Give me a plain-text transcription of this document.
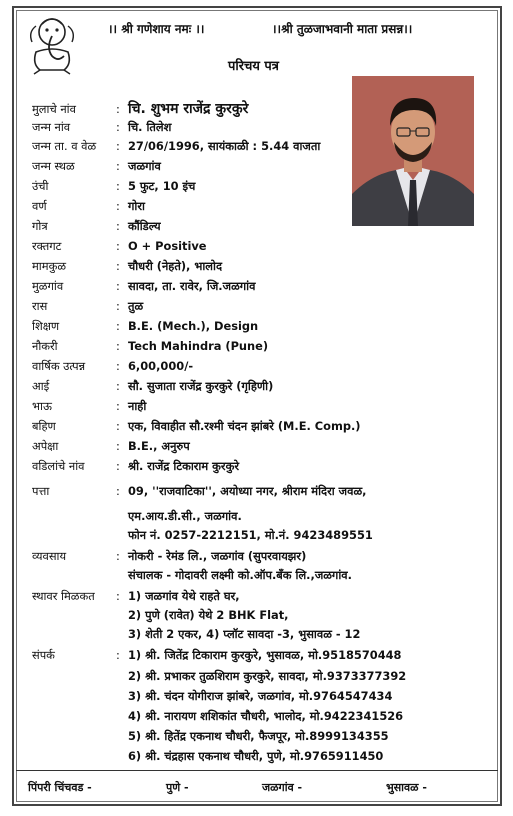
।। श्री गणेशाय नमः ।।	।।श्री तुळजाभवानी माता प्रसन्न।।
परिचय पत्र
मुलाचे नांव	: चि. शुभम राजेंद्र कुरकुरे
जन्म नांव	: चि. तिलेश
जन्म ता. व वेळ : 27/06/1996, सायंकाळी : 5.44 वाजता
जन्म स्थळ	: जळगांव
उंची	: 5 फुट, 10 इंच
वर्ण	: गोरा
गोत्र	: कौंडिल्य
रक्तगट	: O + Positive
मामकुळ	: चौधरी (नेहते), भालोद
मुळगांव	: सावदा, ता. रावेर, जि.जळगांव
रास	: तुळ
शिक्षण	: B.E. (Mech.), Design
नौकरी	: Tech Mahindra (Pune)
वार्षिक उत्पन्न	: 6,00,000/-
आई	: सौ. सुजाता राजेंद्र कुरकुरे (गृहिणी)
भाऊ	: नाही
बहिण	: एक, विवाहीत सौ.रश्मी चंदन झांबरे (M.E. Comp.)
अपेक्षा	: B.E., अनुरुप
वडिलांचे नांव	: श्री. राजेंद्र टिकाराम कुरकुरे
पत्ता	: 09, ''राजवाटिका'', अयोध्या नगर, श्रीराम मंदिरा जवळ,
एम.आय.डी.सी., जळगांव.
फोन नं. 0257-2212151, मो.नं. 9423489551
व्यवसाय	: नोकरी - रेमंड लि., जळगांव (सुपरवायझर)
संचालक - गोदावरी लक्ष्मी को.ऑप.बँक लि.,जळगांव.
स्थावर मिळकत : 1) जळगांव येथे राहते घर,
2) पुणे (रावेत) येथे 2 BHK Flat,
3) शेती 2 एकर, 4) प्लॉट सावदा -3, भुसावळ - 12
संपर्क	: 1) श्री. जितेंद्र टिकाराम कुरकुरे, भुसावळ, मो.9518570448
2) श्री. प्रभाकर तुळशिराम कुरकुरे, सावदा, मो.9373377392
3) श्री. चंदन योगीराज झांबरे, जळगांव, मो.9764547434
4) श्री. नारायण शशिकांत चौधरी, भालोद, मो.9422341526
5) श्री. हितेंद्र एकनाथ चौधरी, फैजपूर, मो.8999134355
6) श्री. चंद्रहास एकनाथ चौधरी, पुणे, मो.9765911450
पिंपरी चिंचवड -	पुणे -	जळगांव -	भुसावळ -
